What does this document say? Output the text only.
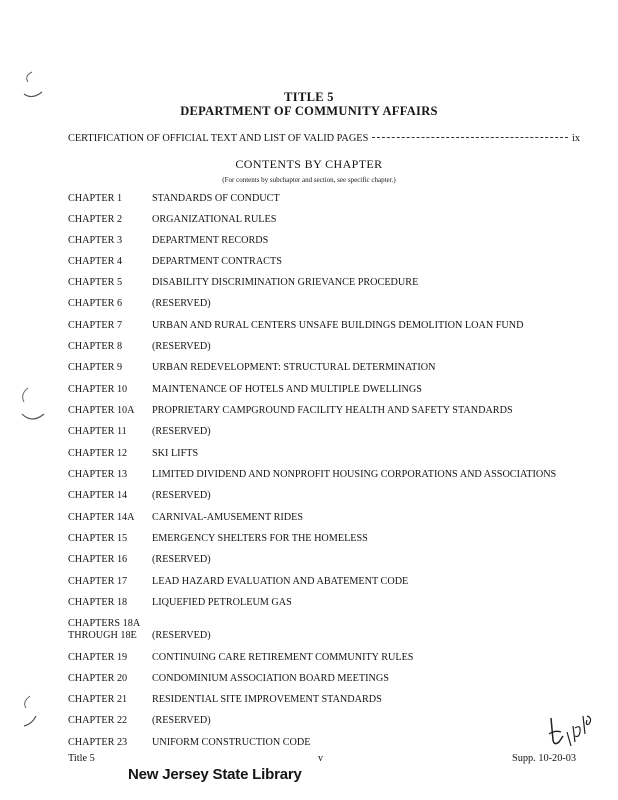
TITLE 5
DEPARTMENT OF COMMUNITY AFFAIRS
CERTIFICATION OF OFFICIAL TEXT AND LIST OF VALID PAGES	ix
CONTENTS BY CHAPTER
(For contents by subchapter and section, see specific chapter.)
CHAPTER 1	STANDARDS OF CONDUCT
CHAPTER 2	ORGANIZATIONAL RULES
CHAPTER 3	DEPARTMENT RECORDS
CHAPTER 4	DEPARTMENT CONTRACTS
CHAPTER 5	DISABILITY DISCRIMINATION GRIEVANCE PROCEDURE
CHAPTER 6	(RESERVED)
CHAPTER 7	URBAN AND RURAL CENTERS UNSAFE BUILDINGS DEMOLITION LOAN FUND
CHAPTER 8	(RESERVED)
CHAPTER 9	URBAN REDEVELOPMENT: STRUCTURAL DETERMINATION
CHAPTER 10	MAINTENANCE OF HOTELS AND MULTIPLE DWELLINGS
CHAPTER 10A	PROPRIETARY CAMPGROUND FACILITY HEALTH AND SAFETY STANDARDS
CHAPTER 11	(RESERVED)
CHAPTER 12	SKI LIFTS
CHAPTER 13	LIMITED DIVIDEND AND NONPROFIT HOUSING CORPORATIONS AND ASSOCIATIONS
CHAPTER 14	(RESERVED)
CHAPTER 14A	CARNIVAL-AMUSEMENT RIDES
CHAPTER 15	EMERGENCY SHELTERS FOR THE HOMELESS
CHAPTER 16	(RESERVED)
CHAPTER 17	LEAD HAZARD EVALUATION AND ABATEMENT CODE
CHAPTER 18	LIQUEFIED PETROLEUM GAS
CHAPTERS 18A THROUGH 18E	(RESERVED)
CHAPTER 19	CONTINUING CARE RETIREMENT COMMUNITY RULES
CHAPTER 20	CONDOMINIUM ASSOCIATION BOARD MEETINGS
CHAPTER 21	RESIDENTIAL SITE IMPROVEMENT STANDARDS
CHAPTER 22	(RESERVED)
CHAPTER 23	UNIFORM CONSTRUCTION CODE
Title 5	v	Supp. 10-20-03
New Jersey State Library
